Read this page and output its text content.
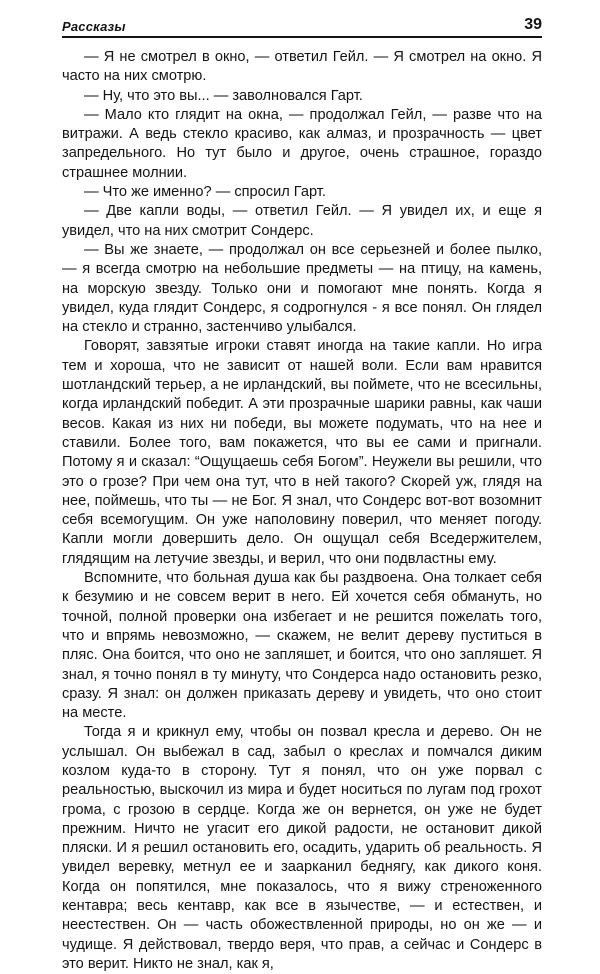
Рассказы	39

— Я не смотрел в окно, — ответил Гейл. — Я смотрел на окно. Я часто на них смотрю.

— Ну, что это вы... — заволновался Гарт.

— Мало кто глядит на окна, — продолжал Гейл, — разве что на витражи. А ведь стекло красиво, как алмаз, и прозрачность — цвет запредельного. Но тут было и другое, очень страшное, гораздо страшнее молнии.

— Что же именно? — спросил Гарт.

— Две капли воды, — ответил Гейл. — Я увидел их, и еще я увидел, что на них смотрит Сондерс.

— Вы же знаете, — продолжал он все серьезней и более пылко, — я всегда смотрю на небольшие предметы — на птицу, на камень, на морскую звезду. Только они и помогают мне понять. Когда я увидел, куда глядит Сондерс, я содрогнулся - я все понял. Он глядел на стекло и странно, застенчиво улыбался.

Говорят, завзятые игроки ставят иногда на такие капли. Но игра тем и хороша, что не зависит от нашей воли. Если вам нравится шотландский терьер, а не ирландский, вы поймете, что не всесильны, когда ирландский победит. А эти прозрачные шарики равны, как чаши весов. Какая из них ни победи, вы можете подумать, что на нее и ставили. Более того, вам покажется, что вы ее сами и пригнали. Потому я и сказал: “Ощущаешь себя Богом”. Неужели вы решили, что это о грозе? При чем она тут, что в ней такого? Скорей уж, глядя на нее, поймешь, что ты — не Бог. Я знал, что Сондерс вот-вот возомнит себя всемогущим. Он уже наполовину поверил, что меняет погоду. Капли могли довершить дело. Он ощущал себя Вседержителем, глядящим на летучие звезды, и верил, что они подвластны ему.

Вспомните, что больная душа как бы раздвоена. Она толкает себя к безумию и не совсем верит в него. Ей хочется себя обмануть, но точной, полной проверки она избегает и не решится пожелать того, что и впрямь невозможно, — скажем, не велит дереву пуститься в пляс. Она боится, что оно не запляшет, и боится, что оно запляшет. Я знал, я точно понял в ту минуту, что Сондерса надо остановить резко, сразу. Я знал: он должен приказать дереву и увидеть, что оно стоит на месте.

Тогда я и крикнул ему, чтобы он позвал кресла и дерево. Он не услышал. Он выбежал в сад, забыл о креслах и помчался диким козлом куда-то в сторону. Тут я понял, что он уже порвал с реальностью, выскочил из мира и будет носиться по лугам под грохот грома, с грозою в сердце. Когда же он вернется, он уже не будет прежним. Ничто не угасит его дикой радости, не остановит дикой пляски. И я решил остановить его, осадить, ударить об реальность. Я увидел веревку, метнул ее и заарканил беднягу, как дикого коня. Когда он попятился, мне показалось, что я вижу стреноженного кентавра; весь кентавр, как все в язычестве, — и естествен, и неестествен. Он — часть обожествленной природы, но он же — и чудище. Я действовал, твердо веря, что прав, а сейчас и Сондерс в это верит. Никто не знал, как я,
